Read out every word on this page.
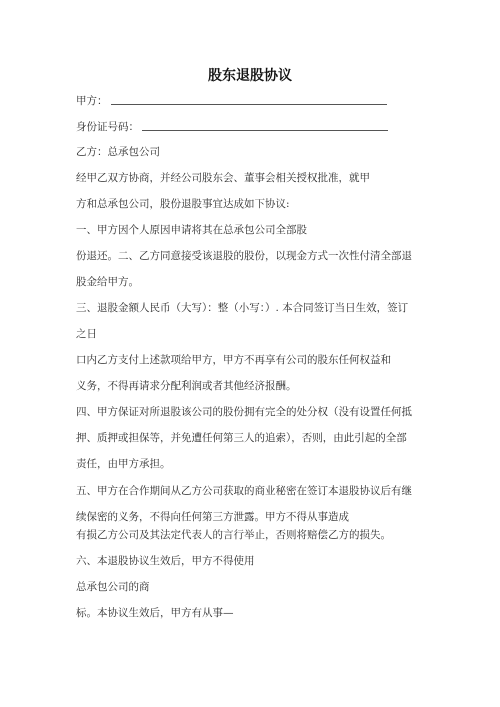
股东退股协议
甲方：
身份证号码：
乙方：总承包公司
经甲乙双方协商，并经公司股东会、董事会相关授权批准，就甲
方和总承包公司，股份退股事宜达成如下协议:
一、甲方因个人原因申请将其在总承包公司全部股
份退还。二、乙方同意接受该退股的股份，以现金方式一次性付清全部退
股金给甲方。
三、退股金额人民币（大写）：整（小写：）. 本合同签订当日生效，签订
之日
口内乙方支付上述款项给甲方，甲方不再享有公司的股东任何权益和
义务，不得再请求分配利润或者其他经济报酬。
四、甲方保证对所退股该公司的股份拥有完全的处分权（没有设置任何抵
押、质押或担保等，并免遭任何第三人的追索），否则，由此引起的全部
责任，由甲方承担。
五、甲方在合作期间从乙方公司获取的商业秘密在签订本退股协议后有继
续保密的义务，不得向任何第三方泄露。甲方不得从事造成
有损乙方公司及其法定代表人的言行举止，否则将赔偿乙方的损失。
六、本退股协议生效后，甲方不得使用
总承包公司的商
标。本协议生效后，甲方有从事—
